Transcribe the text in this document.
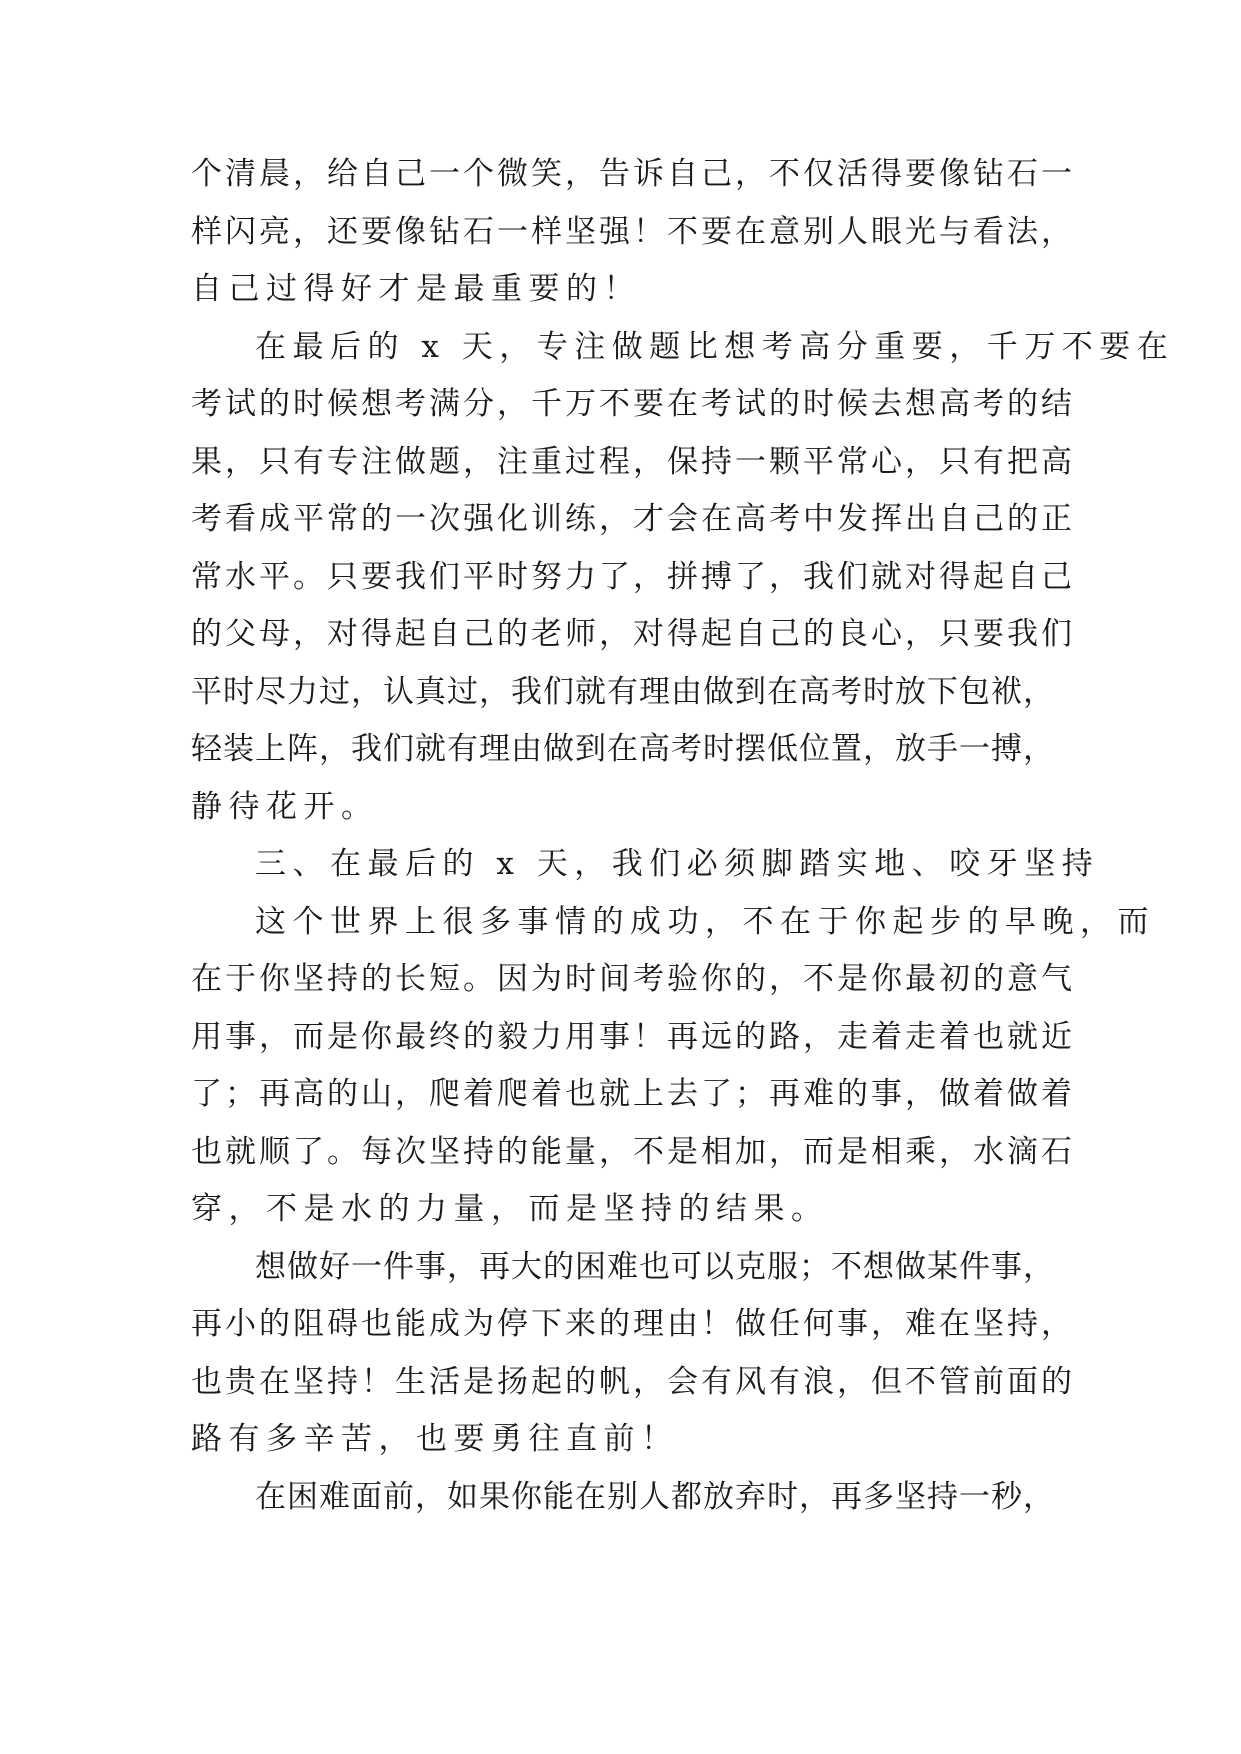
个清晨，给自己一个微笑，告诉自己，不仅活得要像钻石一
样闪亮，还要像钻石一样坚强！不要在意别人眼光与看法，
自己过得好才是最重要的！
在最后的 x 天，专注做题比想考高分重要，千万不要在
考试的时候想考满分，千万不要在考试的时候去想高考的结
果，只有专注做题，注重过程，保持一颗平常心，只有把高
考看成平常的一次强化训练，才会在高考中发挥出自己的正
常水平。只要我们平时努力了，拼搏了，我们就对得起自己
的父母，对得起自己的老师，对得起自己的良心，只要我们
平时尽力过，认真过，我们就有理由做到在高考时放下包袱，
轻装上阵，我们就有理由做到在高考时摆低位置，放手一搏，
静待花开。
三、在最后的 x 天，我们必须脚踏实地、咬牙坚持
这个世界上很多事情的成功，不在于你起步的早晚，而
在于你坚持的长短。因为时间考验你的，不是你最初的意气
用事，而是你最终的毅力用事！再远的路，走着走着也就近
了；再高的山，爬着爬着也就上去了；再难的事，做着做着
也就顺了。每次坚持的能量，不是相加，而是相乘，水滴石
穿，不是水的力量，而是坚持的结果。
想做好一件事，再大的困难也可以克服；不想做某件事，
再小的阻碍也能成为停下来的理由！做任何事，难在坚持，
也贵在坚持！生活是扬起的帆，会有风有浪，但不管前面的
路有多辛苦，也要勇往直前！
在困难面前，如果你能在别人都放弃时，再多坚持一秒，
